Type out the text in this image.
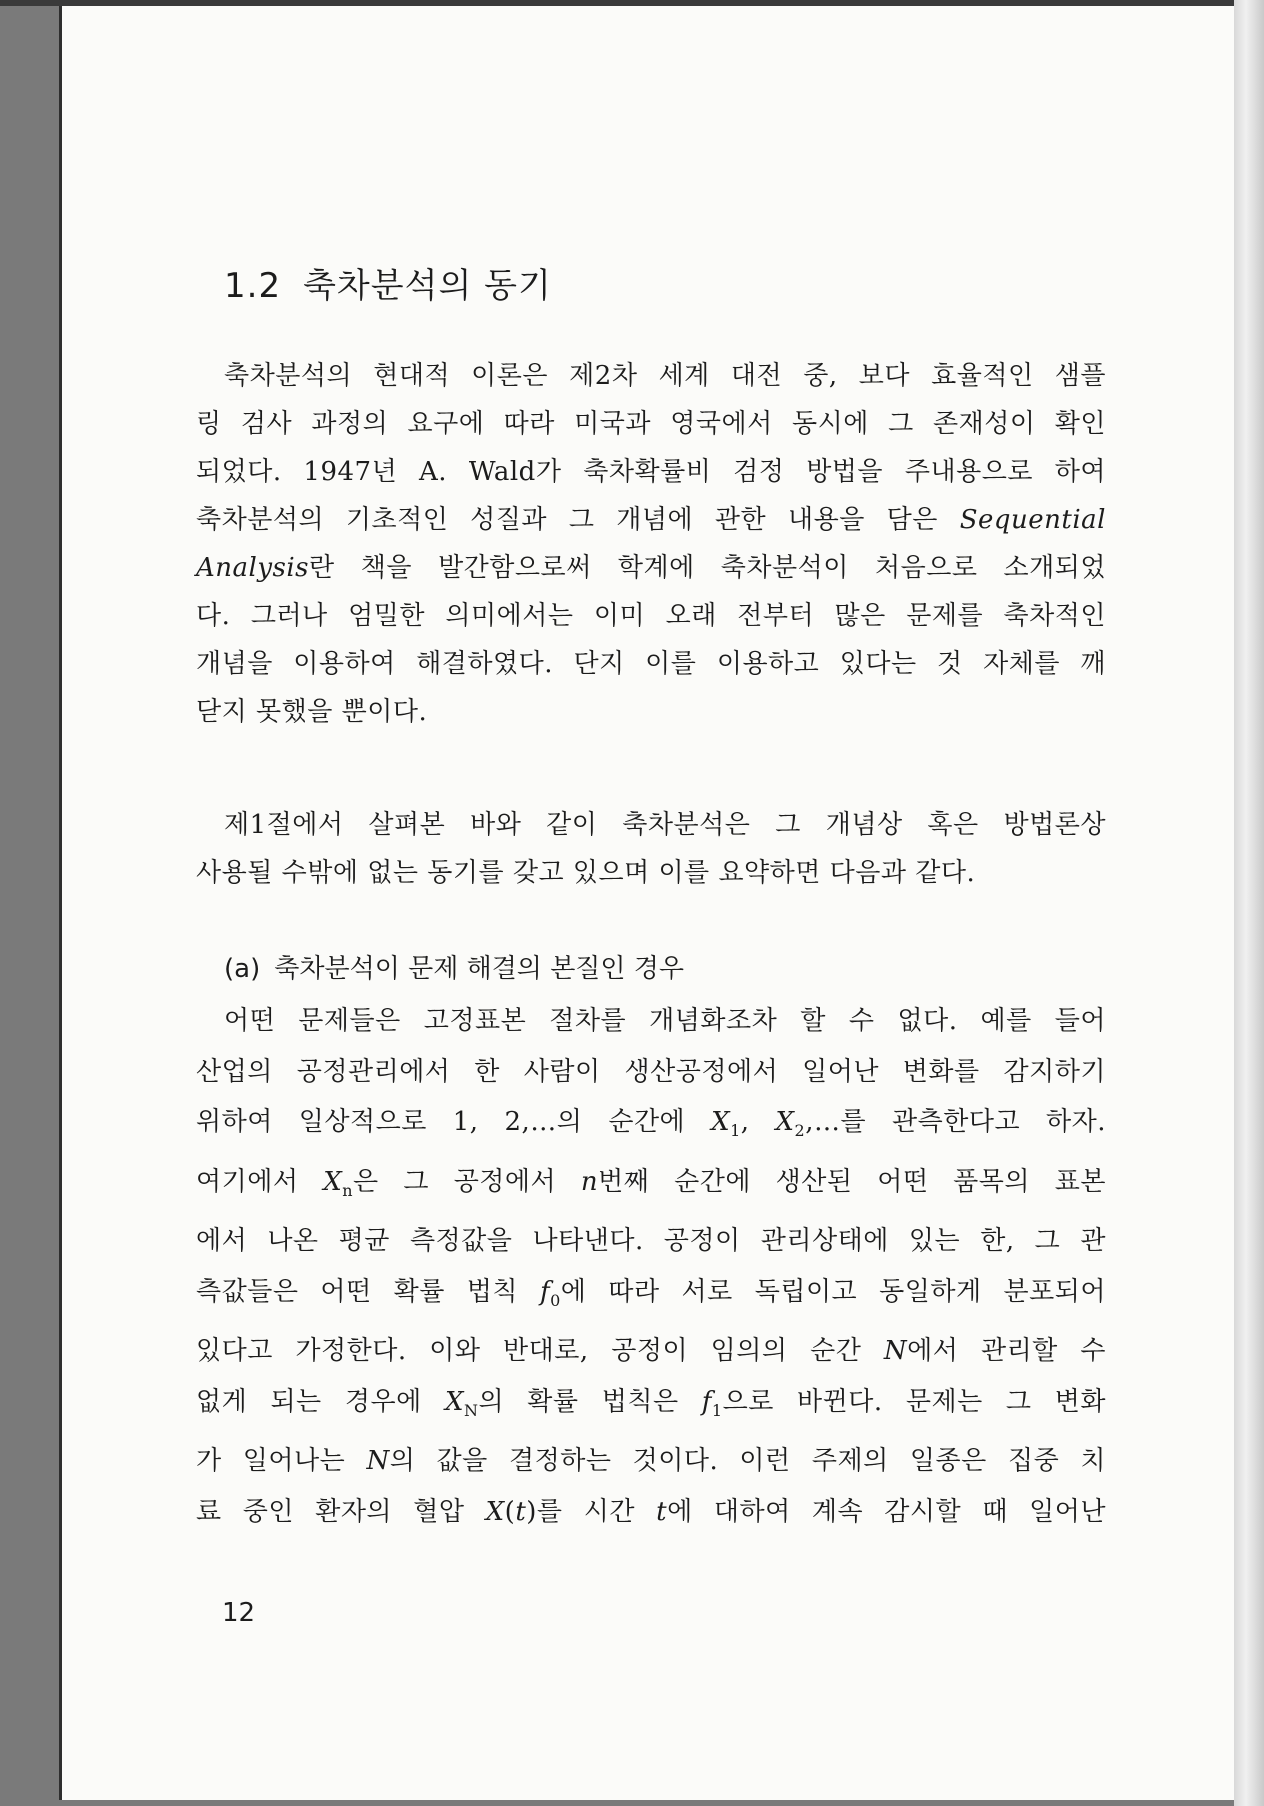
1.2 축차분석의 동기

축차분석의 현대적 이론은 제2차 세계 대전 중, 보다 효율적인 샘플

링 검사 과정의 요구에 따라 미국과 영국에서 동시에 그 존재성이 확인

되었다. 1947년 A. Wald가 축차확률비 검정 방법을 주내용으로 하여

축차분석의 기초적인 성질과 그 개념에 관한 내용을 담은 Sequential

Analysis란 책을 발간함으로써 학계에 축차분석이 처음으로 소개되었

다. 그러나 엄밀한 의미에서는 이미 오래 전부터 많은 문제를 축차적인

개념을 이용하여 해결하였다. 단지 이를 이용하고 있다는 것 자체를 깨

닫지 못했을 뿐이다.

제1절에서 살펴본 바와 같이 축차분석은 그 개념상 혹은 방법론상

사용될 수밖에 없는 동기를 갖고 있으며 이를 요약하면 다음과 같다.

(a) 축차분석이 문제 해결의 본질인 경우

어떤 문제들은 고정표본 절차를 개념화조차 할 수 없다. 예를 들어

산업의 공정관리에서 한 사람이 생산공정에서 일어난 변화를 감지하기

위하여 일상적으로 1, 2,…의 순간에 $X_1$, $X_2,\dots$를 관측한다고 하자.

여기에서 $X_n$은 그 공정에서 n번째 순간에 생산된 어떤 품목의 표본

에서 나온 평균 측정값을 나타낸다. 공정이 관리상태에 있는 한, 그 관

측값들은 어떤 확률 법칙 $f_0$에 따라 서로 독립이고 동일하게 분포되어

있다고 가정한다. 이와 반대로, 공정이 임의의 순간 N에서 관리할 수

없게 되는 경우에 $X_N$의 확률 법칙은 $f_1$으로 바뀐다. 문제는 그 변화

가 일어나는 N의 값을 결정하는 것이다. 이런 주제의 일종은 집중 치

료 중인 환자의 혈압 X(t)를 시간 t에 대하여 계속 감시할 때 일어난

12
